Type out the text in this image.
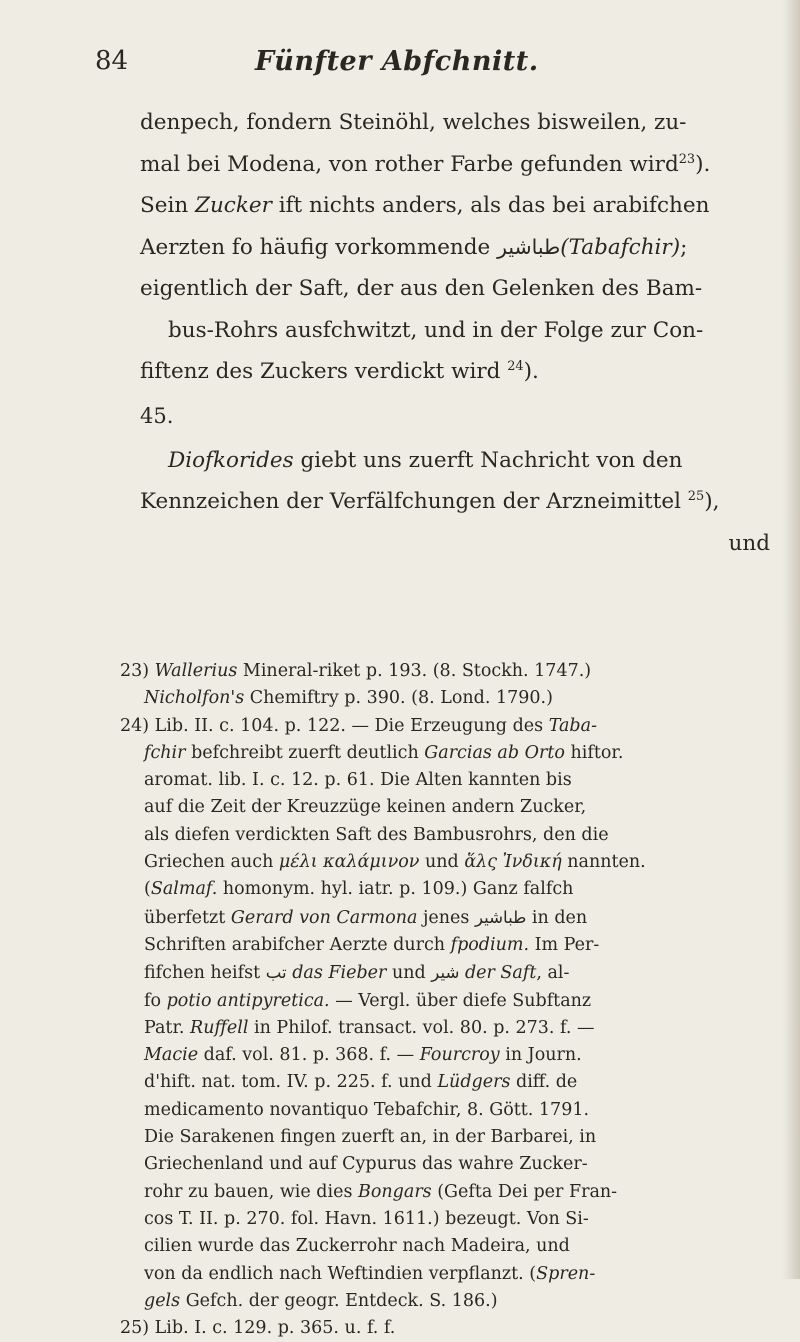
84	Fünfter Abfchnitt.

denpech, fondern Steinöhl, welches bisweilen, zu-
mal bei Modena, von rother Farbe gefunden wird$^{23}$).
Sein Zucker ift nichts anders, als das bei arabifchen
Aerzten fo häufig vorkommende طباشير(Tabafchir);
eigentlich der Saft, der aus den Gelenken des Bam-
bus-Rohrs ausfchwitzt, und in der Folge zur Con-
fiftenz des Zuckers verdickt wird $^{24}$).

45.

Diofkorides giebt uns zuerft Nachricht von den
Kennzeichen der Verfälfchungen der Arzneimittel $^{25}$),
und

23) Wallerius Mineral-riket p. 193. (8. Stockh. 1747.)
Nicholfon's Chemiftry p. 390. (8. Lond. 1790.)
24) Lib. II. c. 104. p. 122. — Die Erzeugung des Taba-
fchir befchreibt zuerft deutlich Garcias ab Orto hiftor.
aromat. lib. I. c. 12. p. 61. Die Alten kannten bis
auf die Zeit der Kreuzzüge keinen andern Zucker,
als diefen verdickten Saft des Bambusrohrs, den die
Griechen auch μέλι καλάμινον und ἅλς Ἰνδική nannten.
(Salmaf. homonym. hyl. iatr. p. 109.) Ganz falfch
überfetzt Gerard von Carmona jenes طباشير in den
Schriften arabifcher Aerzte durch fpodium. Im Per-
fifchen heifst تب das Fieber und شير der Saft, al-
fo potio antipyretica. — Vergl. über diefe Subftanz
Patr. Ruffell in Philof. transact. vol. 80. p. 273. f. —
Macie daf. vol. 81. p. 368. f. — Fourcroy in Journ.
d'hift. nat. tom. IV. p. 225. f. und Lüdgers diff. de
medicamento novantiquo Tebafchir, 8. Gött. 1791.
Die Sarakenen fingen zuerft an, in der Barbarei, in
Griechenland und auf Cypurus das wahre Zucker-
rohr zu bauen, wie dies Bongars (Gefta Dei per Fran-
cos T. II. p. 270. fol. Havn. 1611.) bezeugt. Von Si-
cilien wurde das Zuckerrohr nach Madeira, und
von da endlich nach Weftindien verpflanzt. (Spren-
gels Gefch. der geogr. Entdeck. S. 186.)
25) Lib. I. c. 129. p. 365. u. f. f.
